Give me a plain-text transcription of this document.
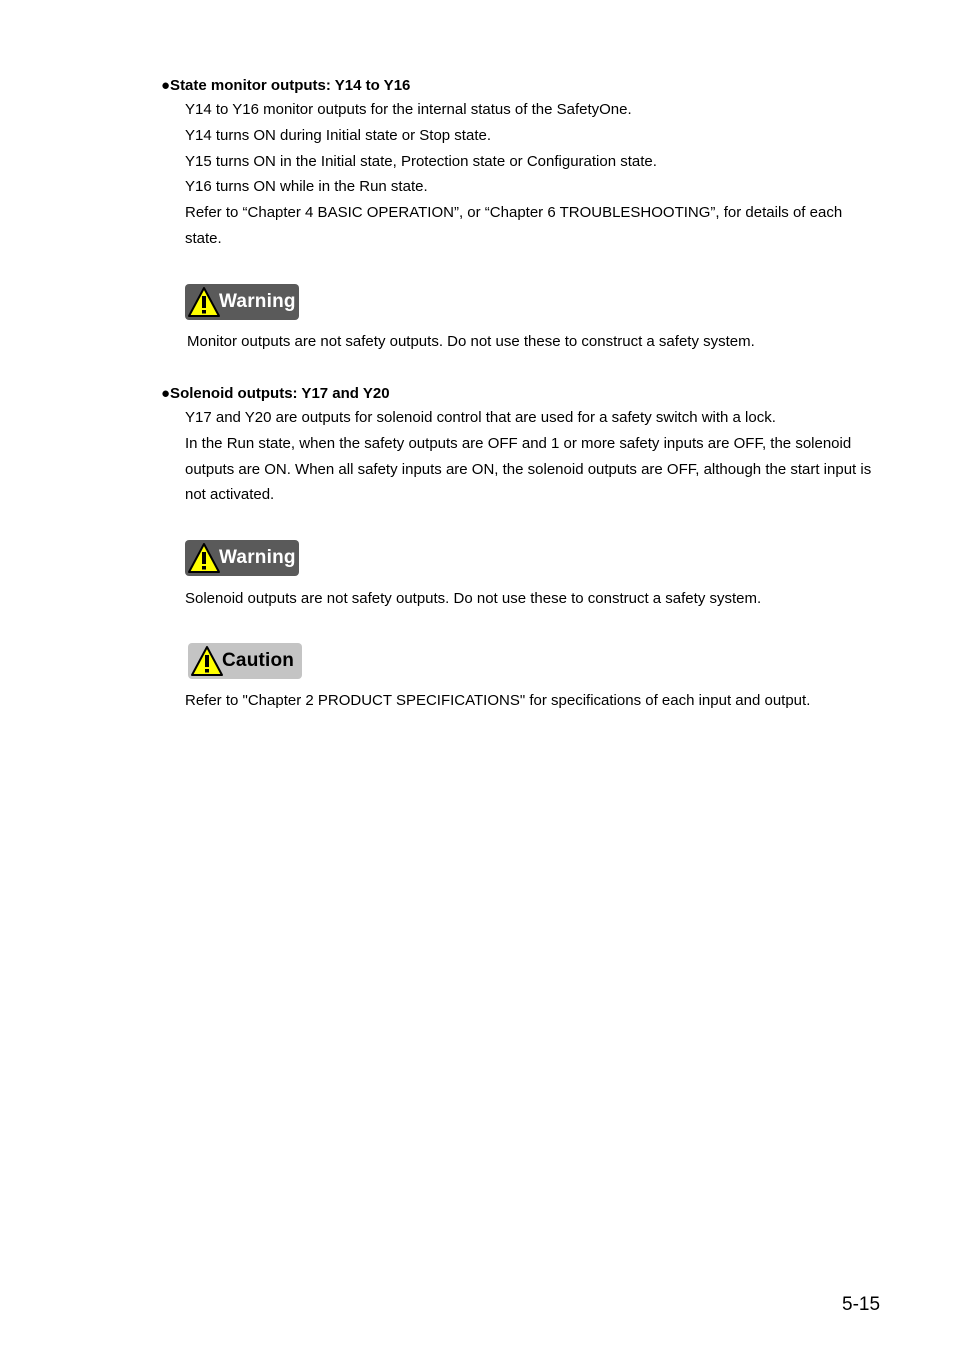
●State monitor outputs: Y14 to Y16

Y14 to Y16 monitor outputs for the internal status of the SafetyOne.

Y14 turns ON during Initial state or Stop state.

Y15 turns ON in the Initial state, Protection state or Configuration state.

Y16 turns ON while in the Run state.

Refer to “Chapter 4 BASIC OPERATION”, or “Chapter 6 TROUBLESHOOTING”, for details of each state.

Warning
Monitor outputs are not safety outputs. Do not use these to construct a safety system.
●Solenoid outputs: Y17 and Y20

Y17 and Y20 are outputs for solenoid control that are used for a safety switch with a lock.

In the Run state, when the safety outputs are OFF and 1 or more safety inputs are OFF, the solenoid outputs are ON. When all safety inputs are ON, the solenoid outputs are OFF, although the start input is not activated.

Warning
Solenoid outputs are not safety outputs. Do not use these to construct a safety system.
Caution
Refer to "Chapter 2 PRODUCT SPECIFICATIONS" for specifications of each input and output.
5-15
